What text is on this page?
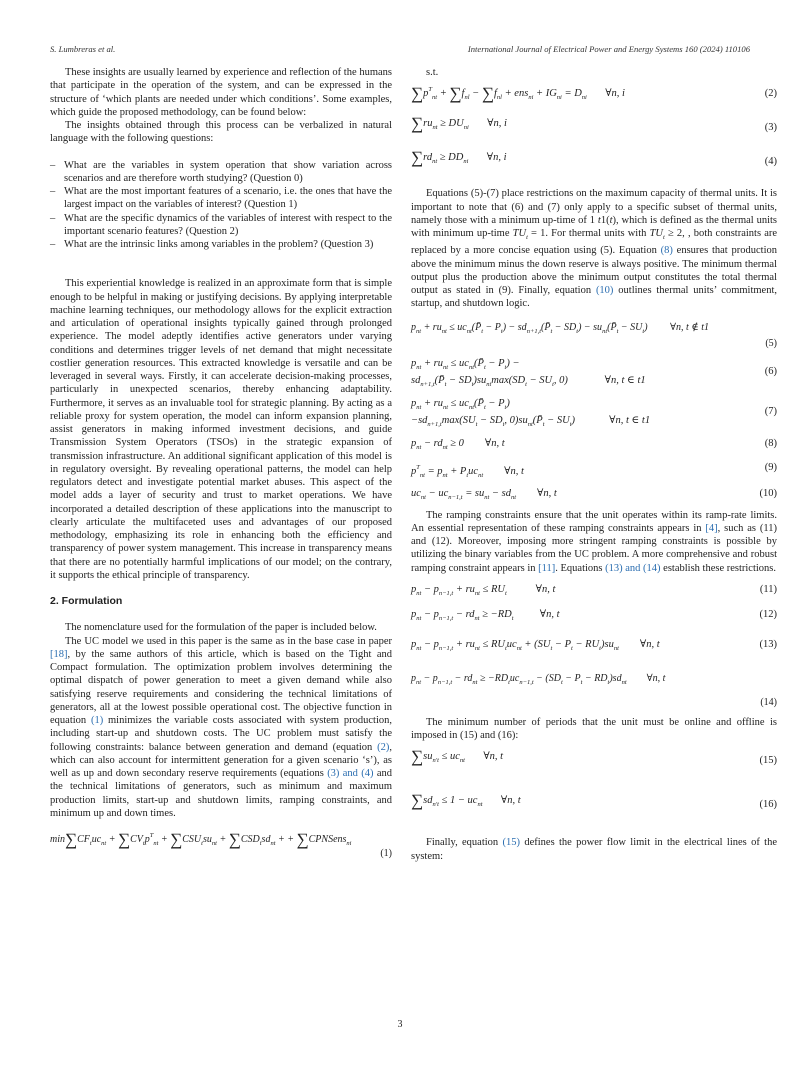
S. Lumbreras et al.	International Journal of Electrical Power and Energy Systems 160 (2024) 110106

These insights are usually learned by experience and reflection of the humans that participate in the operation of the system, and can be expressed in the structure of ‘which plants are needed under which conditions’. Some examples, which guide the proposed methodology, can be found below:

The insights obtained through this process can be verbalized in natural language with the following questions:

– What are the variables in system operation that show variation across scenarios and are therefore worth studying? (Question 0)
– What are the most important features of a scenario, i.e. the ones that have the largest impact on the variables of interest? (Question 1)
– What are the specific dynamics of the variables of interest with respect to the important scenario features? (Question 2)
– What are the intrinsic links among variables in the problem? (Question 3)

This experiential knowledge is realized in an approximate form that is simple enough to be helpful in making or justifying decisions. By applying interpretable machine learning techniques, our methodology allows for the explicit extraction and articulation of operational insights typically gained through prolonged experience. The model adeptly identifies active generators under varying conditions and determines trigger levels of net demand that might necessitate costlier generation resources. This extracted knowledge is versatile and can be leveraged in several ways. Firstly, it can accelerate decision-making processes, particularly in unexpected scenarios, thereby enhancing adaptability. Furthermore, it serves as an invaluable tool for strategic planning. By acting as a reliable proxy for system operation, the model can inform expansion planning, assist generators in making informed investment decisions, and guide Transmission System Operators (TSOs) in the strategic expansion of transmission infrastructure. An additional significant application of this model is in regulatory oversight. By revealing operational patterns, the model can help regulators detect and investigate potential market abuses. This aspect of the model adds a layer of security and trust to market operations. We have incorporated a detailed description of these applications into the manuscript to clearly articulate the multifaceted uses and advantages of our proposed methodology, emphasizing its role in enhancing both the efficiency and transparency of power system management. This increase in transparency means that there are no potentially harmful implications of our model; on the contrary, it supports the ethical principle of transparency.

2. Formulation

The nomenclature used for the formulation of the paper is included below.

The UC model we used in this paper is the same as in the base case in paper [18], by the same authors of this article, which is based on the Tight and Compact formulation. The optimization problem involves determining the optimal dispatch of power generation to meet a given demand while also satisfying reserve requirements and considering the technical limitations of generators, all at the lowest possible operational cost. The objective function in equation (1) minimizes the variable costs associated with system production, including start-up and shutdown costs. The UC problem must satisfy the following constraints: balance between generation and demand (equation (2), which can also account for intermittent generation for a given scenario ‘s’), as well as up and down secondary reserve requirements (equations (3) and (4) and the technical limitations of generators, such as minimum and maximum production limits, start-up and shutdown limits, ramping constraints, and minimum up and down times.

$\min\sum CF_tuc_{nt} + \sum CV_tp^T_{nt} + \sum CSU_tsu_{nt} + \sum CSD_tsd_{nt}$ + + ∑CPNSens$_{ni}$
(1)

s.t.

$\sum p^T_{nt} + \sum f_{nl} - \sum f_{nl} + ens_{ni} + IG_{ni} = D_{ni}$       ∀n, i	(2)
$\sum ru_{nt} \ge DU_{ni}$       ∀n, i	(3)
$\sum rd_{nt} \ge DD_{ni}$       ∀n, i	(4)

Equations (5)-(7) place restrictions on the maximum capacity of thermal units. It is important to note that (6) and (7) only apply to a specific subset of thermal units, namely those with a minimum up-time of 1 t1(t), which is defined as the thermal units with minimum up-time $TU_t = 1$. For thermal units with $TU_t \ge 2$, , both constraints are replaced by a more concise equation using (5). Equation (8) ensures that production above the minimum minus the down reserve is always positive. The minimum thermal output plus the production above the minimum output constitutes the total thermal output as stated in (9). Finally, equation (10) outlines thermal units’ commitment, startup, and shutdown logic.

$p_{nt} + ru_{nt}$ ≤ $uc_{nt}(P̄_t - P_t)$ − $sd_{n+1,t}(P̄_t - SD_t)$ − $su_{nt}(P̄_t - SU_t)$         ∀n, t ∉ t1
(5)
$p_{nt} + ru_{nt}$ ≤ $uc_{nt}(P̄_t - P_t)$ −
$sd_{n+1,t}(P̄_t - SD_t)su_{nt}\max(SD_t - SU_t$, 0)              ∀n, t ∈ t1
(6)
$p_{nt} + ru_{nt}$ ≤ $uc_{nt}(P̄_t - P_t)$
$-sd_{n+1,t}\max(SU_t - SD_t$, $0)su_{nt}(P̄_t - SU_t)$             ∀n, t ∈ t1
(7)
$p_{nt} - rd_{nt} \ge 0$        ∀n, t	(8)
$p^T_{nt} = p_{nt} + P_tuc_{nt}$        ∀n, t	(9)
$uc_{nt} - uc_{n-1,t} = su_{nt} - sd_{nt}$        ∀n, t	(10)

The ramping constraints ensure that the unit operates within its ramp-rate limits. An essential representation of these ramping constraints appears in [4], such as (11) and (12). Moreover, imposing more stringent ramping constraints is possible by utilizing the binary variables from the UC problem. A more comprehensive and robust ramping constraint appears in [11]. Equations (13) and (14) establish these restrictions.

$p_{nt} - p_{n-1,t} + ru_{nt} \le RU_t$           ∀n, t	(11)
$p_{nt} - p_{n-1,t} - rd_{nt} \ge -RD_t$          ∀n, t	(12)
$p_{nt} - p_{n-1,t} + ru_{nt} \le RU_tuc_{nt} + (SU_t - P_t - RU_t)su_{nt}$        ∀n, t	(13)
$p_{nt} - p_{n-1,t} - rd_{nt} \ge -RD_tuc_{n-1,t} - (SD_t - P_t - RD_t)sd_{nt}$        ∀n, t
(14)

The minimum number of periods that the unit must be online and offline is imposed in (15) and (16):

$\sum su_{n't} \le uc_{nt}$       ∀n, t	(15)
$\sum sd_{n't} \le 1 - uc_{nt}$       ∀n, t	(16)

Finally, equation (15) defines the power flow limit in the electrical lines of the system:

3
